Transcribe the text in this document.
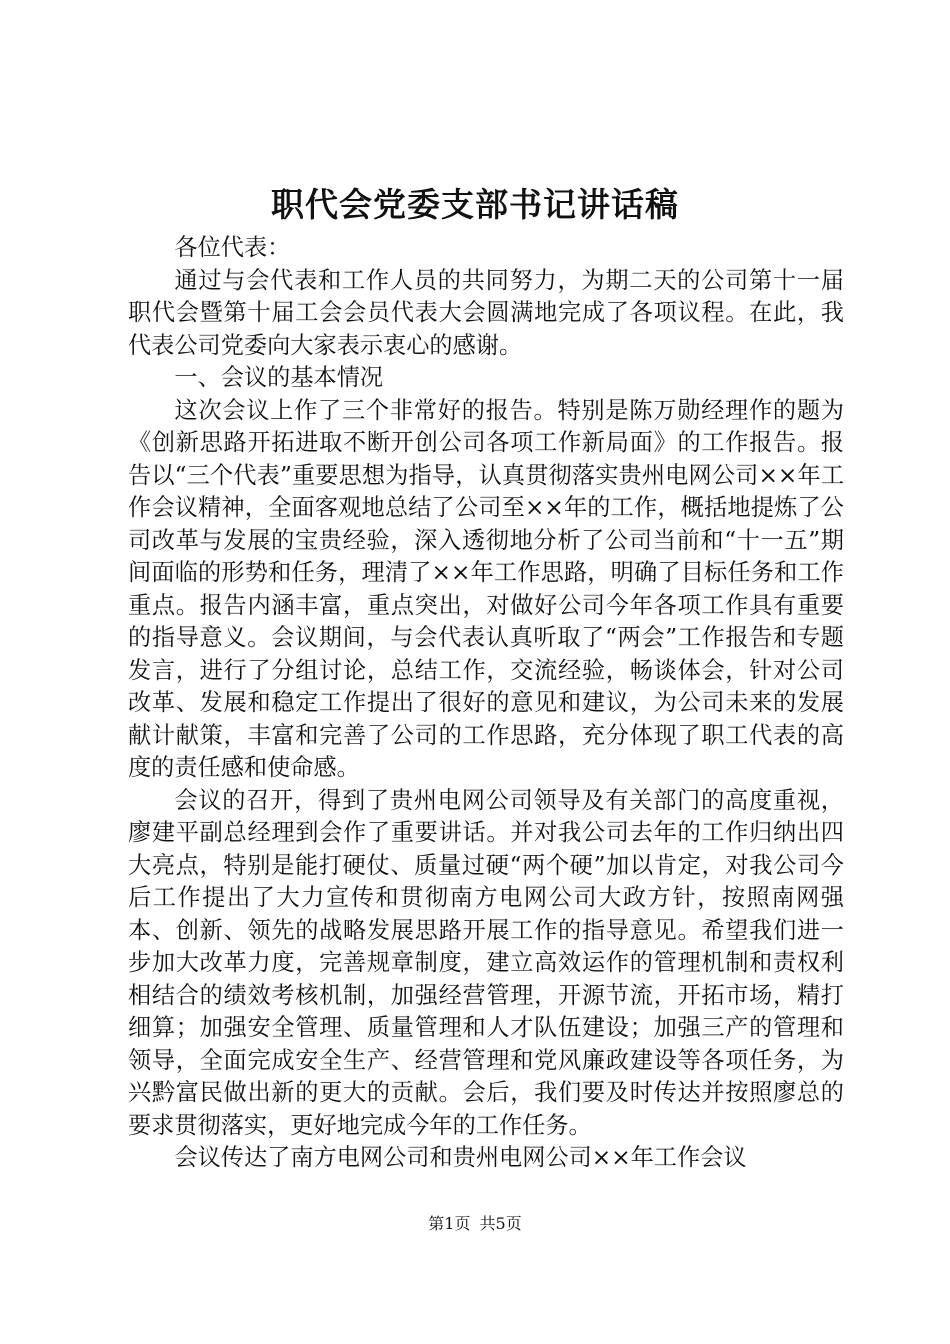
职代会党委支部书记讲话稿

各位代表：

通过与会代表和工作人员的共同努力，为期二天的公司第十一届职代会暨第十届工会会员代表大会圆满地完成了各项议程。在此，我代表公司党委向大家表示衷心的感谢。

一、会议的基本情况

这次会议上作了三个非常好的报告。特别是陈万勋经理作的题为《创新思路开拓进取不断开创公司各项工作新局面》的工作报告。报告以“三个代表”重要思想为指导，认真贯彻落实贵州电网公司××年工作会议精神，全面客观地总结了公司至××年的工作，概括地提炼了公司改革与发展的宝贵经验，深入透彻地分析了公司当前和“十一五”期间面临的形势和任务，理清了××年工作思路，明确了目标任务和工作重点。报告内涵丰富，重点突出，对做好公司今年各项工作具有重要的指导意义。会议期间，与会代表认真听取了“两会”工作报告和专题发言，进行了分组讨论，总结工作，交流经验，畅谈体会，针对公司改革、发展和稳定工作提出了很好的意见和建议，为公司未来的发展献计献策，丰富和完善了公司的工作思路，充分体现了职工代表的高度的责任感和使命感。

会议的召开，得到了贵州电网公司领导及有关部门的高度重视，廖建平副总经理到会作了重要讲话。并对我公司去年的工作归纳出四大亮点，特别是能打硬仗、质量过硬“两个硬”加以肯定，对我公司今后工作提出了大力宣传和贯彻南方电网公司大政方针，按照南网强本、创新、领先的战略发展思路开展工作的指导意见。希望我们进一步加大改革力度，完善规章制度，建立高效运作的管理机制和责权利相结合的绩效考核机制，加强经营管理，开源节流，开拓市场，精打细算；加强安全管理、质量管理和人才队伍建设；加强三产的管理和领导，全面完成安全生产、经营管理和党风廉政建设等各项任务，为兴黔富民做出新的更大的贡献。会后，我们要及时传达并按照廖总的要求贯彻落实，更好地完成今年的工作任务。

会议传达了南方电网公司和贵州电网公司××年工作会议

第1页 共5页
